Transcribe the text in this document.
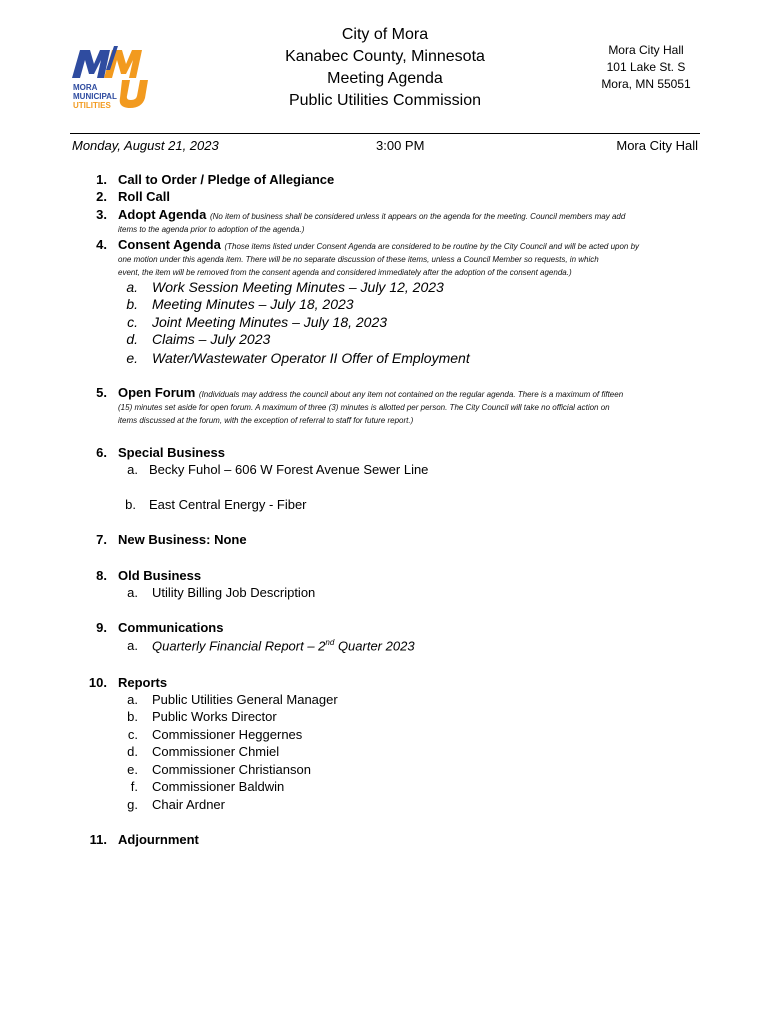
MORA
MUNICIPAL
UTILITIES
City of Mora
Kanabec County, Minnesota
Meeting Agenda
Public Utilities Commission
Mora City Hall
101 Lake St. S
Mora, MN 55051
Monday, August 21, 2023	3:00 PM	Mora City Hall
1. Call to Order / Pledge of Allegiance
2. Roll Call
3. Adopt Agenda (No item of business shall be considered unless it appears on the agenda for the meeting. Council members may add
items to the agenda prior to adoption of the agenda.)
4. Consent Agenda (Those items listed under Consent Agenda are considered to be routine by the City Council and will be acted upon by
one motion under this agenda item. There will be no separate discussion of these items, unless a Council Member so requests, in which
event, the item will be removed from the consent agenda and considered immediately after the adoption of the consent agenda.)
a. Work Session Meeting Minutes – July 12, 2023
b. Meeting Minutes – July 18, 2023
c. Joint Meeting Minutes – July 18, 2023
d. Claims – July 2023
e. Water/Wastewater Operator II Offer of Employment
5. Open Forum (Individuals may address the council about any item not contained on the regular agenda. There is a maximum of fifteen
(15) minutes set aside for open forum. A maximum of three (3) minutes is allotted per person. The City Council will take no official action on
items discussed at the forum, with the exception of referral to staff for future report.)
6. Special Business
a. Becky Fuhol – 606 W Forest Avenue Sewer Line
b. East Central Energy - Fiber
7. New Business: None
8. Old Business
a. Utility Billing Job Description
9. Communications
a. Quarterly Financial Report – 2nd Quarter 2023
10. Reports
a. Public Utilities General Manager
b. Public Works Director
c. Commissioner Heggernes
d. Commissioner Chmiel
e. Commissioner Christianson
f. Commissioner Baldwin
g. Chair Ardner
11. Adjournment
